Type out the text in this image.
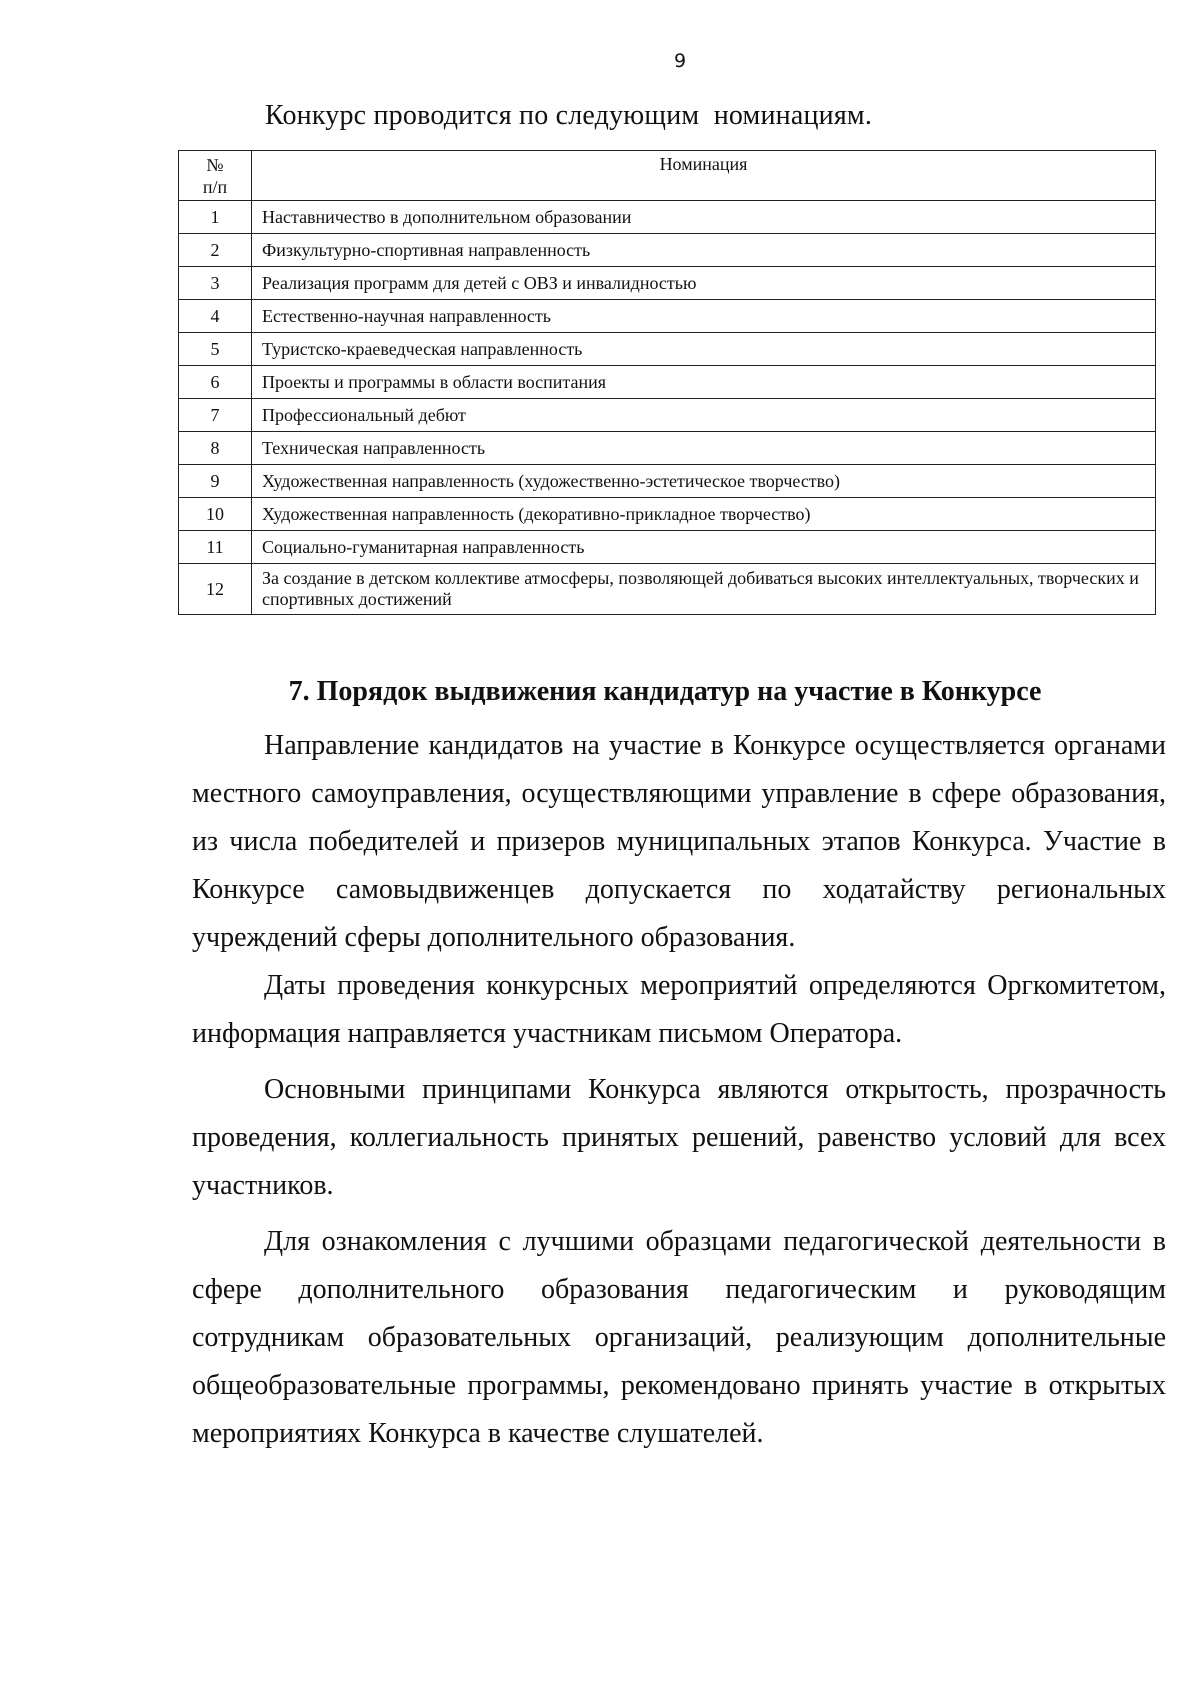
9
Конкурс проводится по следующим  номинациям.
№
п/п	Номинация
1	Наставничество в дополнительном образовании
2	Физкультурно-спортивная направленность
3	Реализация программ для детей с ОВЗ и инвалидностью
4	Естественно-научная направленность
5	Туристско-краеведческая направленность
6	Проекты и программы в области воспитания
7	Профессиональный дебют
8	Техническая направленность
9	Художественная направленность (художественно-эстетическое творчество)
10	Художественная направленность (декоративно-прикладное творчество)
11	Социально-гуманитарная направленность
12	За создание в детском коллективе атмосферы, позволяющей добиваться высоких интеллектуальных, творческих и спортивных достижений
7. Порядок выдвижения кандидатур на участие в Конкурсе

Направление кандидатов на участие в Конкурсе осуществляется органами местного самоуправления, осуществляющими управление в сфере образования, из числа победителей и призеров муниципальных этапов Конкурса. Участие в Конкурсе самовыдвиженцев допускается по ходатайству региональных учреждений сферы дополнительного образования.

Даты проведения конкурсных мероприятий определяются Оргкомитетом, информация направляется участникам письмом Оператора.

Основными принципами Конкурса являются открытость, прозрачность проведения, коллегиальность принятых решений, равенство условий для всех участников.

Для ознакомления с лучшими образцами педагогической деятельности в сфере дополнительного образования педагогическим и руководящим сотрудникам образовательных организаций, реализующим дополнительные общеобразовательные программы, рекомендовано принять участие в открытых мероприятиях Конкурса в качестве слушателей.
